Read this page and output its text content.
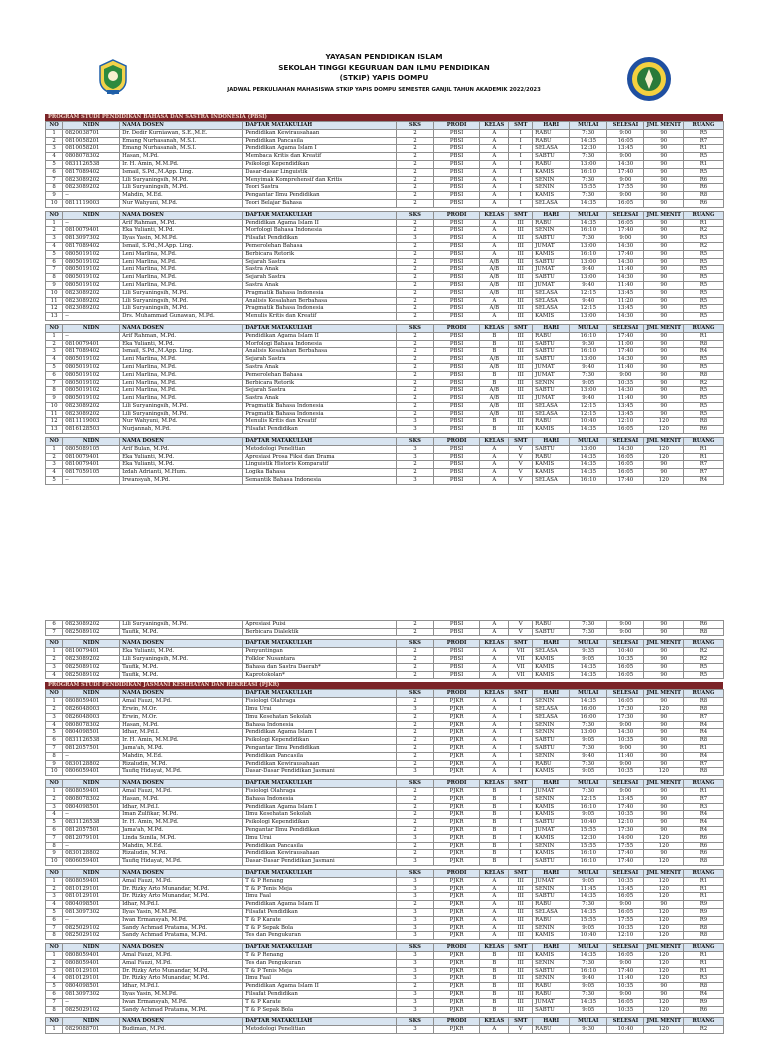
YAYASAN PENDIDIKAN ISLAM
SEKOLAH TINGGI KEGURUAN DAN ILMU PENDIDIKAN
(STKIP) YAPIS DOMPU
JADWAL PERKULIAHAN MAHASISWA STKIP YAPIS DOMPU SEMESTER GANJIL TAHUN AKADEMIK 2022/2023
PROGRAM STUDI PENDIDIKAN BAHASA DAN SASTRA INDONESIA (PBSI)
NO	NIDN	NAMA DOSEN	DAFTAR MATAKULIAH	SKS	PRODI	KELAS	SMT	HARI	MULAI	SELESAI	JML MENIT	RUANG
1	0820038701	Dr. Dedir Kurniawan, S.E.,M.E.	Pendidikan Kewirausahaan	2	PBSI	A	I	RABU	7:30	9:00	90	R5
2	0810058201	Emang Nurhasanah, M.S.I.	Pendidikan Pancasila	2	PBSI	A	I	RABU	14:35	16:05	90	R7
3	0810058201	Emang Nurhasanah, M.S.I.	Pendidikan Agama Islam I	2	PBSI	A	I	SELASA	12:30	13:45	90	R1
4	0808078302	Hasan, M.Pd.	Membaca Kritis dan Kreatif	2	PBSI	A	I	SABTU	7:30	9:00	90	R5
5	0831126538	Ir. H. Amin, M.M.Pd.	Psikologi Kependidikan	2	PBSI	A	I	RABU	13:00	14:30	90	R1
6	0817089402	Ismail, S.Pd.,M.App. Ling.	Dasar-dasar Linguistik	2	PBSI	A	I	KAMIS	16:10	17:40	90	R5
7	0823089202	Lili Suryaningsih, M.Pd.	Menyimak Komprehensif dan Kritis	2	PBSI	A	I	SENIN	7:30	9:00	90	R6
8	0823089202	Lili Suryaningsih, M.Pd.	Teori Sastra	2	PBSI	A	I	SENIN	15:55	17:55	90	R6
9	--	Mahdin, M.Ed.	Pengantar Ilmu Pendidikan	2	PBSI	A	I	KAMIS	7:30	9:00	90	R8
10	0811119003	Nur Wahyuni, M.Pd.	Teori Belajar Bahasa	2	PBSI	A	I	SELASA	14:35	16:05	90	R6
NO	NIDN	NAMA DOSEN	DAFTAR MATAKULIAH	SKS	PRODI	KELAS	SMT	HARI	MULAI	SELESAI	JML MENIT	RUANG
1	--	Arif Rahman, M.Pd.	Pendidikan Agama Islam II	2	PBSI	A	III	RABU	14:35	16:05	90	R1
2	0810079401	Eka Yulianti, M.Pd.	Morfologi Bahasa Indonesia	2	PBSI	A	III	SENIN	16:10	17:40	90	R2
3	0813097302	Ilyas Yasin, M.M.Pd.	Filsafat Pendidikan	3	PBSI	A	III	SABTU	7:30	9:00	90	R3
4	0817089402	Ismail, S.Pd.,M.App. Ling.	Pemerolehan Bahasa	2	PBSI	A	III	JUMAT	13:00	14:30	90	R2
5	0805019102	Leni Marlina, M.Pd.	Berbicara Retorik	2	PBSI	A	III	KAMIS	16:10	17:40	90	R5
6	0805019102	Leni Marlina, M.Pd.	Sejarah Sastra	2	PBSI	A/B	III	SABTU	13:00	14:30	90	R5
7	0805019102	Leni Marlina, M.Pd.	Sastra Anak	2	PBSI	A/B	III	JUMAT	9:40	11:40	90	R5
8	0805019102	Leni Marlina, M.Pd.	Sejarah Sastra	2	PBSI	A/B	III	SABTU	13:00	14:30	90	R5
9	0805019102	Leni Marlina, M.Pd.	Sastra Anak	2	PBSI	A/B	III	JUMAT	9:40	11:40	90	R5
10	0823089202	Lili Suryaningsih, M.Pd.	Pragmatik Bahasa Indonesia	2	PBSI	A/B	III	SELASA	12:15	13:45	90	R5
11	0823089202	Lili Suryaningsih, M.Pd.	Analisis Kesalahan Berbahasa	2	PBSI	A	III	SELASA	9:40	11:20	90	R5
12	0823089202	Lili Suryaningsih, M.Pd.	Pragmatik Bahasa Indonesia	2	PBSI	A/B	III	SELASA	12:15	13:45	90	R5
13	--	Drs. Muhammad Gunawan, M.Pd.	Menulis Kritis dan Kreatif	2	PBSI	A	III	KAMIS	13:00	14:30	90	R5
NO	NIDN	NAMA DOSEN	DAFTAR MATAKULIAH	SKS	PRODI	KELAS	SMT	HARI	MULAI	SELESAI	JML MENIT	RUANG
1	--	Arif Rahman, M.Pd.	Pendidikan Agama Islam II	2	PBSI	B	III	RABU	16:10	17:40	90	R1
2	0810079401	Eka Yulianti, M.Pd.	Morfologi Bahasa Indonesia	2	PBSI	B	III	SABTU	9:30	11:00	90	R8
3	0817089402	Ismail, S.Pd.,M.App. Ling.	Analisis Kesalahan Berbahasa	2	PBSI	B	III	SABTU	16:10	17:40	90	R4
4	0805019102	Leni Marlina, M.Pd.	Sejarah Sastra	2	PBSI	A/B	III	SABTU	13:00	14:30	90	R5
5	0805019102	Leni Marlina, M.Pd.	Sastra Anak	2	PBSI	A/B	III	JUMAT	9:40	11:40	90	R5
6	0805019102	Leni Marlina, M.Pd.	Pemerolehan Bahasa	2	PBSI	B	III	JUMAT	7:30	9:00	90	R8
7	0805019102	Leni Marlina, M.Pd.	Berbicara Retorik	2	PBSI	B	III	SENIN	9:05	10:35	90	R2
8	0805019102	Leni Marlina, M.Pd.	Sejarah Sastra	2	PBSI	A/B	III	SABTU	13:00	14:30	90	R5
9	0805019102	Leni Marlina, M.Pd.	Sastra Anak	2	PBSI	A/B	III	JUMAT	9:40	11:40	90	R5
10	0823089202	Lili Suryaningsih, M.Pd.	Pragmatik Bahasa Indonesia	2	PBSI	A/B	III	SELASA	12:15	13:45	90	R5
11	0823089202	Lili Suryaningsih, M.Pd.	Pragmatik Bahasa Indonesia	2	PBSI	A/B	III	SELASA	12:15	13:45	90	R5
12	0811119003	Nur Wahyuni, M.Pd.	Menulis Kritis dan Kreatif	3	PBSI	B	III	RABU	10:40	12:10	120	R8
13	0816128503	Nurjannah, M.Pd.	Filsafat Pendidikan	3	PBSI	B	III	KAMIS	14:35	16:05	120	R6
NO	NIDN	NAMA DOSEN	DAFTAR MATAKULIAH	SKS	PRODI	KELAS	SMT	HARI	MULAI	SELESAI	JML MENIT	RUANG
1	0805089105	Arif Bulan, M.Pd.	Metodologi Penelitian	3	PBSI	A	V	SABTU	13:00	14:30	120	R1
2	0810079401	Eka Yulianti, M.Pd.	Apresiasi Prosa Fiksi dan Drama	3	PBSI	A	V	RABU	14:35	16:05	120	R1
3	0810079401	Eka Yulianti, M.Pd.	Linguistik Historis Komparatif	2	PBSI	A	V	KAMIS	14:35	16:05	90	R7
4	0817059105	Izdah Adrianti, M.Hum.	Logika Bahasa	2	PBSI	A	V	KAMIS	14:35	16:05	90	R7
5	--	Irwansyah, M.Pd.	Semantik Bahasa Indonesia	3	PBSI	A	V	SELASA	16:10	17:40	120	R4
6	0823089202	Lili Suryaningsih, M.Pd.	Apresiasi Puisi	2	PBSI	A	V	RABU	7:30	9:00	90	R6
7	0825089102	Taufik, M.Pd.	Berbicara Dialektik	2	PBSI	A	V	SABTU	7:30	9:00	90	R8
NO	NIDN	NAMA DOSEN	DAFTAR MATAKULIAH	SKS	PRODI	KELAS	SMT	HARI	MULAI	SELESAI	JML MENIT	RUANG
1	0810079401	Eka Yulianti, M.Pd.	Penyuntingan	2	PBSI	A	VII	SELASA	9:35	10:40	90	R2
2	0823089202	Lili Suryaningsih, M.Pd.	Folklor Nusantara	2	PBSI	A	VII	KAMIS	9:05	10:35	90	R2
3	0825089102	Taufik, M.Pd.	Bahasa dan Sastra Daerah*	2	PBSI	A	VII	KAMIS	14:35	16:05	90	R5
4	0825089102	Taufik, M.Pd.	Kaprotokolan*	2	PBSI	A	VII	KAMIS	14:35	16:05	90	R5
PROGRAM STUDI PENDIDIKAN JASMANI KESEHATAN DAN REKREASI (PJKR)
NO	NIDN	NAMA DOSEN	DAFTAR MATAKULIAH	SKS	PRODI	KELAS	SMT	HARI	MULAI	SELESAI	JML MENIT	RUANG
1	0808059401	Amal Fauzi, M.Pd.	Fisiologi Olahraga	2	PJKR	A	I	SENIN	14:35	16:05	90	R8
2	0826048003	Erwin, M.Or.	Ilmu Urai	3	PJKR	A	I	SELASA	16:00	17:30	120	R8
3	0826048003	Erwin, M.Or.	Ilmu Kesehatan Sekolah	2	PJKR	A	I	SELASA	16:00	17:30	90	R7
4	0808078302	Hasan, M.Pd.	Bahasa Indonesia	2	PJKR	A	I	SENIN	7:30	9:00	90	R4
5	0804098501	Idhar, M.Pd.I.	Pendidikan Agama Islam I	2	PJKR	A	I	SENIN	13:00	14:30	90	R4
6	0831126538	Ir. H. Amin, M.M.Pd.	Psikologi Kependidikan	2	PJKR	A	I	SABTU	9:05	10:35	90	R8
7	0812057501	Jama'ah, M.Pd.	Pengantar Ilmu Pendidikan	2	PJKR	A	I	SABTU	7:30	9:00	90	R1
8	--	Mahdin, M.Ed.	Pendidikan Pancasila	2	PJKR	A	I	SENIN	9:40	11:40	90	R4
9	0830128802	Rizaludin, M.Pd.	Pendidikan Kewirausahaan	2	PJKR	A	I	RABU	7:30	9:00	90	R7
10	0806059401	Taufiq Hidayat, M.Pd.	Dasar-Dasar Pendidikan Jasmani	3	PJKR	A	I	KAMIS	9:05	10:35	120	R8
NO	NIDN	NAMA DOSEN	DAFTAR MATAKULIAH	SKS	PRODI	KELAS	SMT	HARI	MULAI	SELESAI	JML MENIT	RUANG
1	0808059401	Amal Fauzi, M.Pd.	Fisiologi Olahraga	2	PJKR	B	I	JUMAT	7:30	9:00	90	R1
2	0808078302	Hasan, M.Pd.	Bahasa Indonesia	2	PJKR	B	I	SENIN	12:15	13:45	90	R7
3	0804098501	Idhar, M.Pd.I.	Pendidikan Agama Islam I	2	PJKR	B	I	KAMIS	16:10	17:40	90	R3
4	--	Iman Zulfikar, M.Pd.	Ilmu Kesehatan Sekolah	2	PJKR	B	I	KAMIS	9:05	10:35	90	R4
5	0831126538	Ir. H. Amin, M.M.Pd.	Psikologi Kependidikan	2	PJKR	B	I	SABTU	10:40	12:10	90	R4
6	0812057501	Jama'ah, M.Pd.	Pengantar Ilmu Pendidikan	2	PJKR	B	I	JUMAT	15:55	17:30	90	R4
7	0812079101	Linda Sunila, M.Pd.	Ilmu Urai	3	PJKR	B	I	KAMIS	12:30	14:00	120	R6
8	--	Mahdin, M.Ed.	Pendidikan Pancasila	2	PJKR	B	I	SENIN	15:55	17:55	120	R6
9	0830128802	Rizaludin, M.Pd.	Pendidikan Kewirausahaan	2	PJKR	B	I	KAMIS	16:10	17:40	90	R6
10	0806059401	Taufiq Hidayat, M.Pd.	Dasar-Dasar Pendidikan Jasmani	3	PJKR	B	I	SABTU	16:10	17:40	120	R8
NO	NIDN	NAMA DOSEN	DAFTAR MATAKULIAH	SKS	PRODI	KELAS	SMT	HARI	MULAI	SELESAI	JML MENIT	RUANG
1	0808059401	Amal Fauzi, M.Pd.	T & P Renang	3	PJKR	A	III	JUMAT	9:05	10:35	120	R1
2	0810129101	Dr. Rizky Arto Munandar, M.Pd.	T & P Tenis Meja	3	PJKR	A	III	SENIN	11:45	13:45	120	R1
3	0810129101	Dr. Rizky Arto Munandar, M.Pd.	Ilmu Faal	3	PJKR	A	III	SABTU	14:35	16:05	120	R1
4	0804098501	Idhar, M.Pd.I.	Pendidikan Agama Islam II	2	PJKR	A	III	RABU	7:30	9:00	90	R9
5	0813097302	Ilyas Yasin, M.M.Pd.	Filsafat Pendidikan	3	PJKR	A	III	SELASA	14:35	16:05	120	R9
6	--	Iwan Ermansyah, M.Pd.	T & P Karate	3	PJKR	A	III	RABU	15:55	17:55	120	R9
7	0825029102	Sandy Achmad Pratama, M.Pd.	T & P Sepak Bola	3	PJKR	A	III	SENIN	9:05	10:35	120	R8
8	0825029102	Sandy Achmad Pratama, M.Pd.	Tes dan Pengukuran	3	PJKR	A	III	KAMIS	10:40	12:10	120	R8
NO	NIDN	NAMA DOSEN	DAFTAR MATAKULIAH	SKS	PRODI	KELAS	SMT	HARI	MULAI	SELESAI	JML MENIT	RUANG
1	0808059401	Amal Fauzi, M.Pd.	T & P Renang	3	PJKR	B	III	KAMIS	14:35	16:05	120	R1
2	0808059401	Amal Fauzi, M.Pd.	Tes dan Pengukuran	3	PJKR	B	III	SENIN	7:30	9:00	120	R1
3	0810129101	Dr. Rizky Arto Munandar, M.Pd.	T & P Tenis Meja	3	PJKR	B	III	SABTU	16:10	17:40	120	R1
4	0810129101	Dr. Rizky Arto Munandar, M.Pd.	Ilmu Faal	3	PJKR	B	III	SENIN	9:40	11:40	120	R3
5	0804098501	Idhar, M.Pd.I.	Pendidikan Agama Islam II	2	PJKR	B	III	RABU	9:05	10:35	90	R8
6	0813097302	Ilyas Yasin, M.M.Pd.	Filsafat Pendidikan	3	PJKR	B	III	RABU	7:30	9:00	90	R4
7	--	Iwan Ermansyah, M.Pd.	T & P Karate	3	PJKR	B	III	JUMAT	14:35	16:05	120	R9
8	0825029102	Sandy Achmad Pratama, M.Pd.	T & P Sepak Bola	3	PJKR	B	III	SABTU	9:05	10:35	120	R6
NO	NIDN	NAMA DOSEN	DAFTAR MATAKULIAH	SKS	PRODI	KELAS	SMT	HARI	MULAI	SELESAI	JML MENIT	RUANG
1	0829088701	Budiman, M.Pd.	Metodologi Penelitian	3	PJKR	A	V	RABU	9:30	10:40	120	R2
